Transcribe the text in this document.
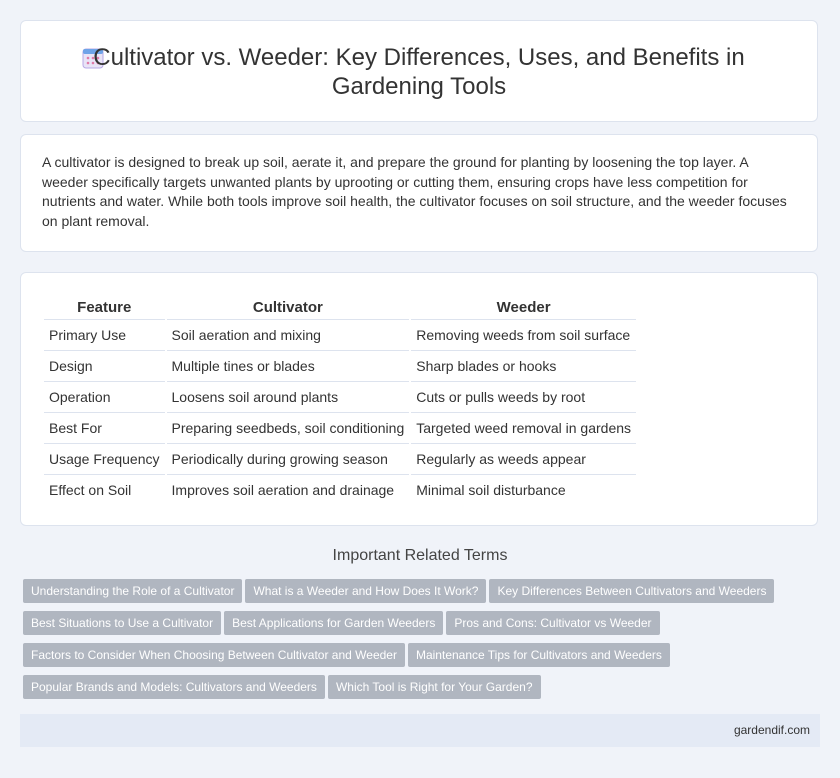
Cultivator vs. Weeder: Key Differences, Uses, and Benefits in Gardening Tools

A cultivator is designed to break up soil, aerate it, and prepare the ground for planting by loosening the top layer. A weeder specifically targets unwanted plants by uprooting or cutting them, ensuring crops have less competition for nutrients and water. While both tools improve soil health, the cultivator focuses on soil structure, and the weeder focuses on plant removal.

Feature	Cultivator	Weeder
Primary Use	Soil aeration and mixing	Removing weeds from soil surface
Design	Multiple tines or blades	Sharp blades or hooks
Operation	Loosens soil around plants	Cuts or pulls weeds by root
Best For	Preparing seedbeds, soil conditioning	Targeted weed removal in gardens
Usage Frequency	Periodically during growing season	Regularly as weeds appear
Effect on Soil	Improves soil aeration and drainage	Minimal soil disturbance
Important Related Terms
Understanding the Role of a Cultivator What is a Weeder and How Does It Work? Key Differences Between Cultivators and Weeders
Best Situations to Use a Cultivator Best Applications for Garden Weeders Pros and Cons: Cultivator vs Weeder
Factors to Consider When Choosing Between Cultivator and Weeder Maintenance Tips for Cultivators and Weeders
Popular Brands and Models: Cultivators and Weeders Which Tool is Right for Your Garden?
gardendif.com
